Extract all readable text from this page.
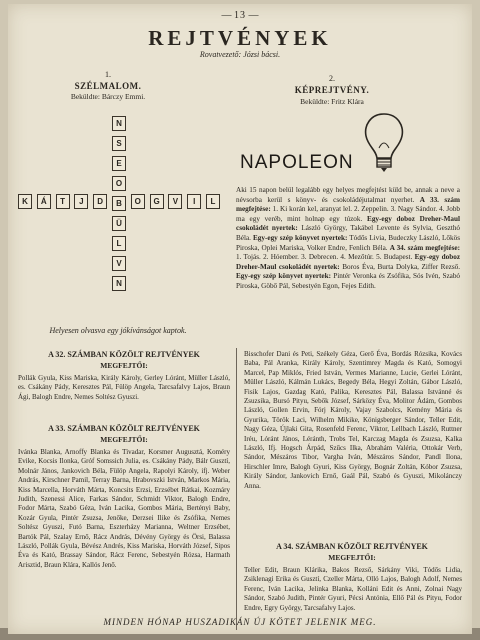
— 13 —
REJTVÉNYEK
Rovatvezető: Józsi bácsi.
1.
SZÉLMALOM.
Beküldte: Bárczy Emmi.
N
S
E
O
B
Ü
L
V
N
K	Á	T	J	D	O	G	V	I	L
Helyesen olvasva egy jókívánságot kaptok.
2.
KÉPREJTVÉNY.
Beküldte: Fritz Klára
NAPOLEON
Aki 15 napon belül legalább egy helyes megfejtést küld be, annak a neve a névsorba kerül s könyv- és csokoládéjutalmat nyerhet. A 33. szám megfejtése: 1. Ki korán kel, aranyat lel. 2. Zeppelin. 3. Nagy Sándor. 4. Jobb ma egy veréb, mint holnap egy túzok. Egy-egy doboz Dreher-Maul csokoládét nyertek: László György, Takábel Levente és Sylvia, Geszthó Béla. Egy-egy szép könyvet nyertek: Tódős Livia, Budeczky László, Lőkös Piroska, Oplei Mariska, Volker Endre, Fenlich Béla. A 34. szám megfejtése: 1. Tojás. 2. Hóember. 3. Debrecen. 4. Mezőtúr. 5. Budapest. Egy-egy doboz Dreher-Maul csokoládét nyertek: Boros Éva, Burta Dolyka, Ziffer Rezső. Egy-egy szép könyvet nyertek: Pintér Veronka és Zsófika, Sós Ivén, Szabó Piroska, Göbő Pál, Sebestyén Egon, Fejes Edith.
A 32. SZÁMBAN KÖZÖLT REJTVÉNYEK
MEGFEJTŐI:
Pollák Gyula, Kiss Mariska, Király Károly, Gerley Lóránt, Müller László, es. Csákány Pády, Keresztes Pál, Fülöp Angela, Tarcsafalvy Lajos, Braun Ági, Balogh Endre, Nemes Soltész Gyuszi.
A 33. SZÁMBAN KÖZÖLT REJTVÉNYEK
MEGFEJTŐI:
Ivánka Blanka, Arnoffy Blanka és Tivadar, Korsmer Augusztá, Koméry Evike, Kocsis Ilonka, Gróf Somssich Julia, es. Csákány Pády, Bálr Gusztí, Molnár János, Jankovich Béla, Fülöp Angela, Rapolyi Károly, ifj. Weber András, Kirschner Pamil, Terray Barna, Hrabovszki István, Markos Mária, Kiss Marcella, Horváth Márta, Koncsits Erzsi, Erzsébet Rátkai, Kozmáry Judith, Szenessi Alice, Farkas Sándor, Schmidt Viktor, Balogh Endre, Fodor Márta, Szabó Géza, Iván Lacika, Gombos Mária, Bertényi Baby, Kozár Gyula, Pintér Zsuzsa, Jenőke, Derzsei Ilike és Zsófika, Nemes Soltész Gyuszi, Futó Barna, Eszterházy Marianna, Weltner Erzsébet, Bartók Pál, Szalay Ernő, Rácz András, Dévény György és Örsi, Balassa László, Pollák Gyula, Bévész Andrés, Kiss Mariska, Horváth József, Sipos Éva és Kató, Brassay Sándor, Rácz Ferenc, Sebestyén Rózsa, Harmath Arisztid, Braun Klára, Kallós Jenő.
Bisschofer Dani és Peti, Székely Géza, Gerő Éva, Bordás Rózsika, Kovács Baba, Pál Aranka, Király Károly, Szentimrey Magda és Kató, Somogyi Marcel, Pap Miklós, Fried István, Vermes Marianne, Lucie, Gerlei Lóránt, Müller László, Kálmán Lukács, Begedy Béla, Hegyi Zoltán, Gábor László, Fisik Lajos, Gazdag Kató, Palika, Keresztes Pál, Balassa Istvánné és Zsuzsika, Bursó Pityu, Sebők József, Sárközy Éva, Molitor Ádám, Gombos László, Gollen Ervin, Fórj Károly, Vajay Szabolcs, Kemény Mária és Gyurika, Török Laci, Wilhelm Mikike, Königsberger Sándor, Teller Edit, Nagy Géza, Újlaki Gita, Rosenfeld Ferenc, Viktor, Lellbach László, Ruttner Iréu, Lóránt János, Léránth, Trobs Tel, Karczag Magda és Zsuzsa, Kalka László, Ifj. Hogsch Árpád, Szűcs Ilka, Abrahám Valéria, Ottokár Verb, Sándor, Mészáros Tibor, Vargha Iván, Mészáros Sándor, Pandl Ilona, Hirschler Imre, Balogh Gyuri, Kiss György, Bognár Zoltán, Kóbor Zsuzsa, Király Sándor, Jankovich Ernő, Gaál Pál, Szabó és Gyuszi, Mikolánczy Anna.
A 34. SZÁMBAN KÖZÖLT REJTVÉNYEK
MEGFEJTŐI:
Teller Edit, Braun Klárika, Bakos Rezső, Sárkány Viki, Tódős Lidia, Zsiklenagi Erika és Gusztí, Czeller Márta, Olló Lajos, Balogh Adolf, Nemes Ferenc, Iván Lacika, Jelinka Blanka, Kolláni Edit és Anni, Zolnai Nagy Sándor, Szabó Judith, Pintér Gyuri, Pécsi Antónia, Ellő Pál és Pityu, Fodor Endre, Egry György, Tarcsafalvy Lajos.
MINDEN HÓNAP HUSZADIKÁN ÚJ KÖTET JELENIK MEG.
